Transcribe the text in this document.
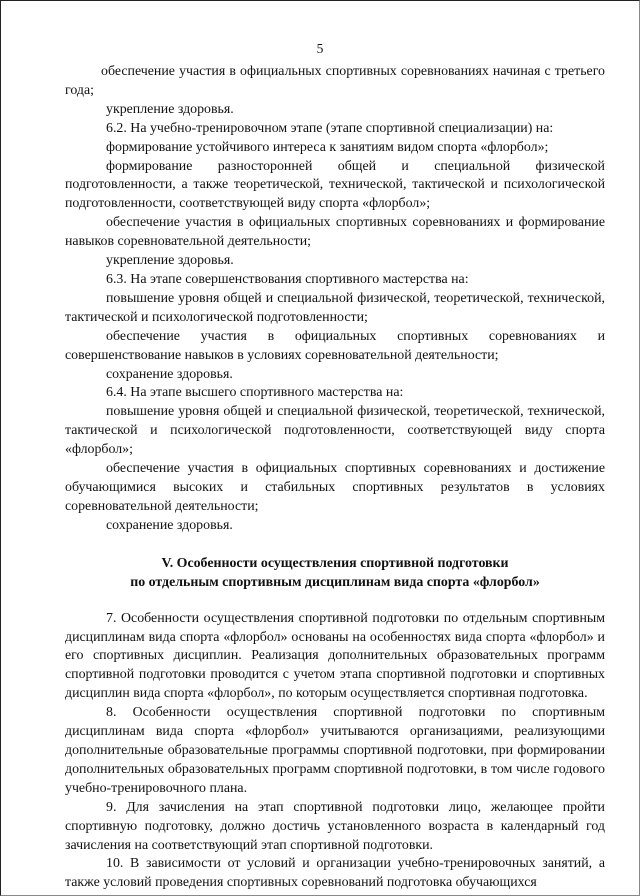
5

обеспечение участия в официальных спортивных соревнованиях начиная с третьего года;

укрепление здоровья.

6.2. На учебно-тренировочном этапе (этапе спортивной специализации) на:

формирование устойчивого интереса к занятиям видом спорта «флорбол»;

формирование разносторонней общей и специальной физической подготовленности, а также теоретической, технической, тактической и психологической подготовленности, соответствующей виду спорта «флорбол»;

обеспечение участия в официальных спортивных соревнованиях и формирование навыков соревновательной деятельности;

укрепление здоровья.

6.3. На этапе совершенствования спортивного мастерства на:

повышение уровня общей и специальной физической, теоретической, технической, тактической и психологической подготовленности;

обеспечение участия в официальных спортивных соревнованиях и совершенствование навыков в условиях соревновательной деятельности;

сохранение здоровья.

6.4. На этапе высшего спортивного мастерства на:

повышение уровня общей и специальной физической, теоретической, технической, тактической и психологической подготовленности, соответствующей виду спорта «флорбол»;

обеспечение участия в официальных спортивных соревнованиях и достижение обучающимися высоких и стабильных спортивных результатов в условиях соревновательной деятельности;

сохранение здоровья.

V. Особенности осуществления спортивной подготовки
по отдельным спортивным дисциплинам вида спорта «флорбол»

7. Особенности осуществления спортивной подготовки по отдельным спортивным дисциплинам вида спорта «флорбол» основаны на особенностях вида спорта «флорбол» и его спортивных дисциплин. Реализация дополнительных образовательных программ спортивной подготовки проводится с учетом этапа спортивной подготовки и спортивных дисциплин вида спорта «флорбол», по которым осуществляется спортивная подготовка.

8. Особенности осуществления спортивной подготовки по спортивным дисциплинам вида спорта «флорбол» учитываются организациями, реализующими дополнительные образовательные программы спортивной подготовки, при формировании дополнительных образовательных программ спортивной подготовки, в том числе годового учебно-тренировочного плана.

9. Для зачисления на этап спортивной подготовки лицо, желающее пройти спортивную подготовку, должно достичь установленного возраста в календарный год зачисления на соответствующий этап спортивной подготовки.

10. В зависимости от условий и организации учебно-тренировочных занятий, а также условий проведения спортивных соревнований подготовка обучающихся
